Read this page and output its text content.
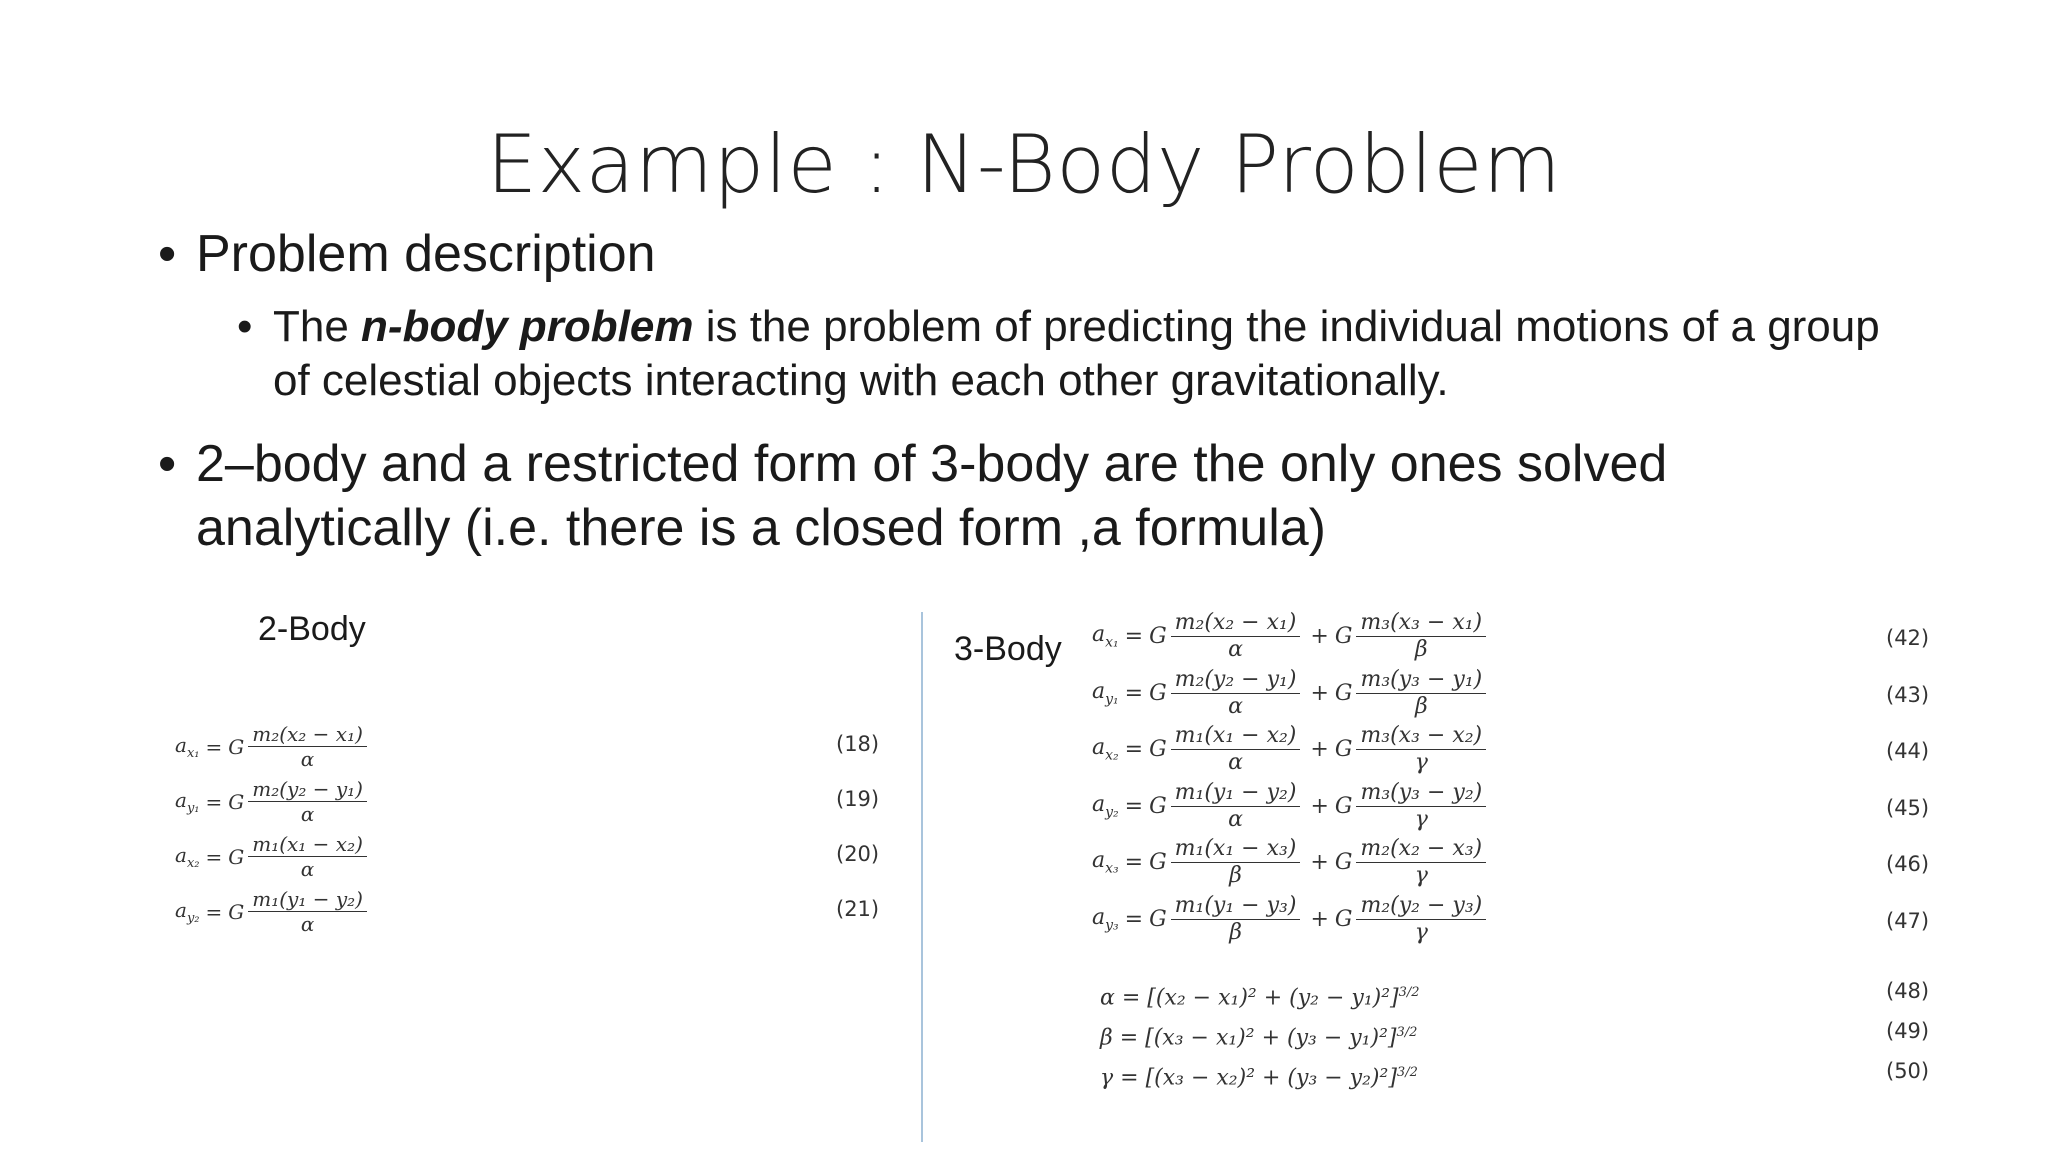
Example : N-Body Problem
• Problem description
• The n-body problem is the problem of predicting the individual motions of a group of celestial objects interacting with each other gravitationally.
• 2–body and a restricted form of 3-body are the only ones solved analytically (i.e. there is a closed form ,a formula)
2-Body
$a_{x_1} = G \frac{\text{m₂(x₂ − x₁)}}{\alpha}$	(18)
$a_{y_1} = G \frac{\text{m₂(y₂ − y₁)}}{\alpha}$	(19)
$a_{x_2} = G \frac{\text{m₁(x₁ − x₂)}}{\alpha}$	(20)
$a_{y_2} = G \frac{\text{m₁(y₁ − y₂)}}{\alpha}$	(21)
3-Body $a_{x_1} = G \frac{\text{m₂(x₂ − x₁)}}{\alpha} + G \frac{\text{m₃(x₃ − x₁)}}{\beta}$	(42)
$a_{y_1} = G \frac{\text{m₂(y₂ − y₁)}}{\alpha} + G \frac{\text{m₃(y₃ − y₁)}}{\beta}$	(43)
$a_{x_2} = G \frac{\text{m₁(x₁ − x₂)}}{\alpha} + G \frac{\text{m₃(x₃ − x₂)}}{\gamma}$	(44)
$a_{y_2} = G \frac{\text{m₁(y₁ − y₂)}}{\alpha} + G \frac{\text{m₃(y₃ − y₂)}}{\gamma}$	(45)
$a_{x_3} = G \frac{\text{m₁(x₁ − x₃)}}{\beta} + G \frac{\text{m₂(x₂ − x₃)}}{\gamma}$	(46)
$a_{y_3} = G \frac{\text{m₁(y₁ − y₃)}}{\beta} + G \frac{\text{m₂(y₂ − y₃)}}{\gamma}$	(47)
$\alpha = [(x_2 - x_1)^2 + (y_2 - y_1)^2]^{3/2}$	(48)
$\beta = [(x_3 - x_1)^2 + (y_3 - y_1)^2]^{3/2}$	(49)
$\gamma = [(x_3 - x_2)^2 + (y_3 - y_2)^2]^{3/2}$	(50)
